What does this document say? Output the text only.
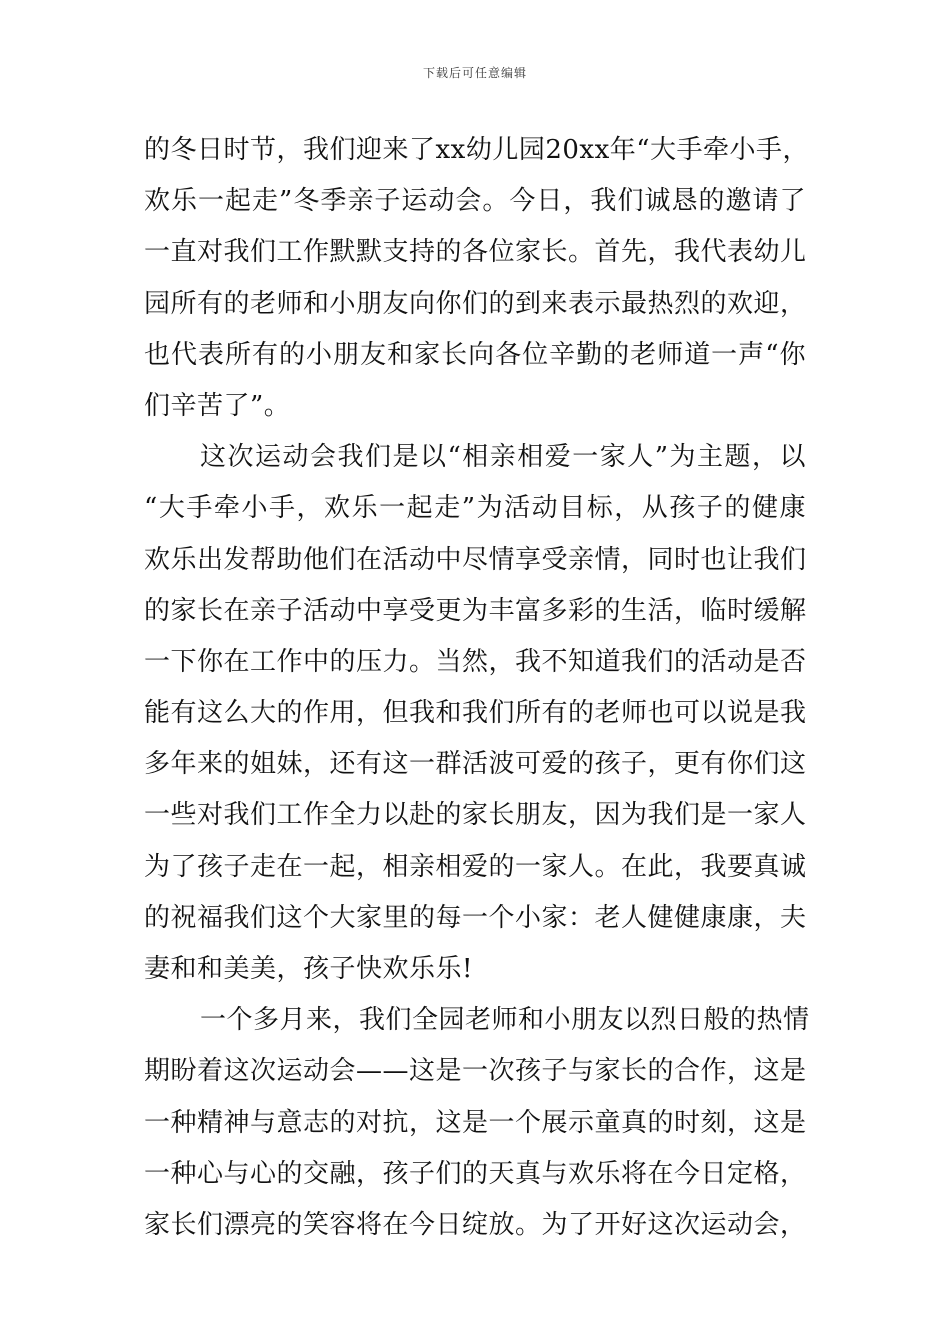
下载后可任意编辑
的冬日时节，我们迎来了xx幼儿园20xx年“大手牵小手，
欢乐一起走”冬季亲子运动会。今日，我们诚恳的邀请了
一直对我们工作默默支持的各位家长。首先，我代表幼儿
园所有的老师和小朋友向你们的到来表示最热烈的欢迎，
也代表所有的小朋友和家长向各位辛勤的老师道一声“你
们辛苦了”。
这次运动会我们是以“相亲相爱一家人”为主题，以
“大手牵小手，欢乐一起走”为活动目标，从孩子的健康
欢乐出发帮助他们在活动中尽情享受亲情，同时也让我们
的家长在亲子活动中享受更为丰富多彩的生活，临时缓解
一下你在工作中的压力。当然，我不知道我们的活动是否
能有这么大的作用，但我和我们所有的老师也可以说是我
多年来的姐妹，还有这一群活波可爱的孩子，更有你们这
一些对我们工作全力以赴的家长朋友，因为我们是一家人
为了孩子走在一起，相亲相爱的一家人。在此，我要真诚
的祝福我们这个大家里的每一个小家：老人健健康康，夫
妻和和美美，孩子快欢乐乐!
一个多月来，我们全园老师和小朋友以烈日般的热情
期盼着这次运动会——这是一次孩子与家长的合作，这是
一种精神与意志的对抗，这是一个展示童真的时刻，这是
一种心与心的交融，孩子们的天真与欢乐将在今日定格，
家长们漂亮的笑容将在今日绽放。为了开好这次运动会，
